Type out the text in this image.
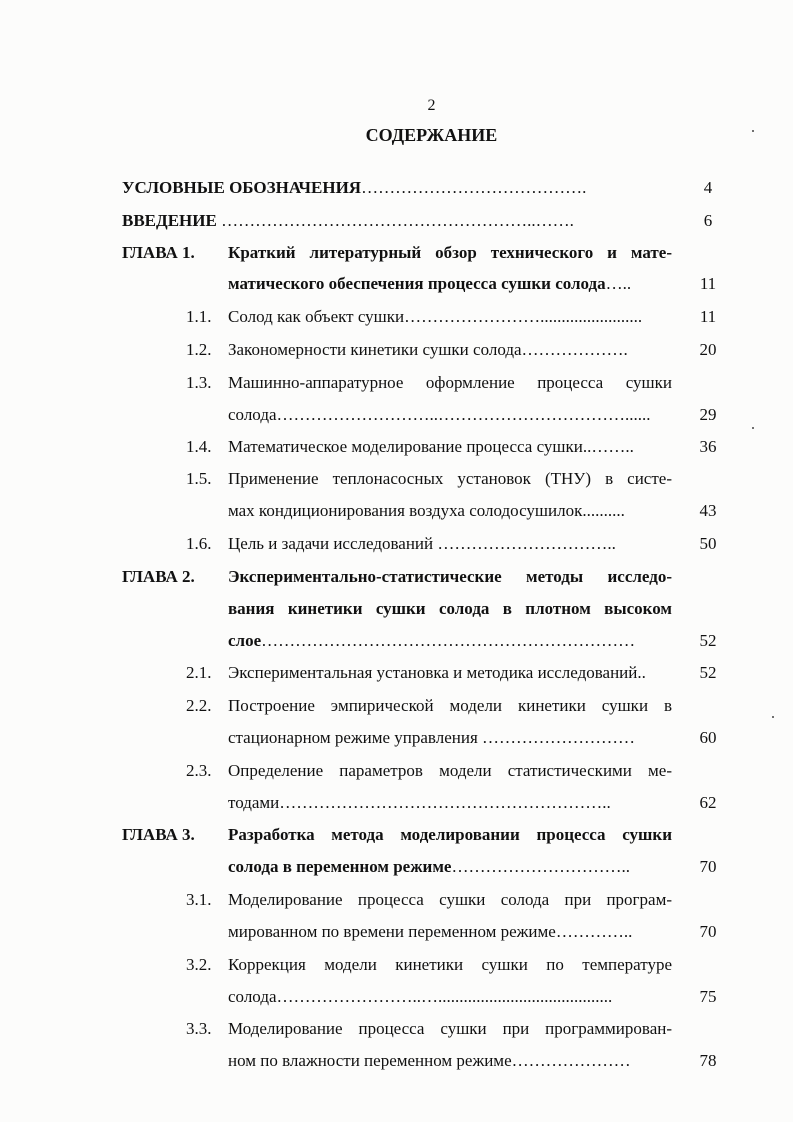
2
СОДЕРЖАНИЕ
УСЛОВНЫЕ ОБОЗНАЧЕНИЯ………………………………….	4
ВВЕДЕНИЕ ………………………………………………..…….	6
ГЛАВА 1. Краткий литературный обзор технического и мате-
матического обеспечения процесса сушки солода…..	11
1.1. Солод как объект сушки……………………........................	11
1.2. Закономерности кинетики сушки солода……………….	20
1.3. Машинно-аппаратурное оформление процесса сушки
солода………………………..……………………………......	29
1.4. Математическое моделирование процесса сушки..……..	36
1.5. Применение теплонасосных установок (ТНУ) в систе-
мах кондиционирования воздуха солодосушилок..........	43
1.6. Цель и задачи исследований …………………………..	50
ГЛАВА 2. Экспериментально-статистические методы исследо-
вания кинетики сушки солода в плотном высоком
слое…………………………………………………………	52
2.1. Экспериментальная установка и методика исследований..	52
2.2. Построение эмпирической модели кинетики сушки в
стационарном режиме управления ………………………	60
2.3. Определение параметров модели статистическими ме-
тодами…………………………………………………..	62
ГЛАВА 3. Разработка метода моделировании процесса сушки
солода в переменном режиме…………………………..	70
3.1. Моделирование процесса сушки солода при програм-
мированном по времени переменном режиме…………..	70
3.2. Коррекция модели кинетики сушки по температуре
солода……………………..….........................................	75
3.3. Моделирование процесса сушки при программирован-
ном по влажности переменном режиме…………………	78
